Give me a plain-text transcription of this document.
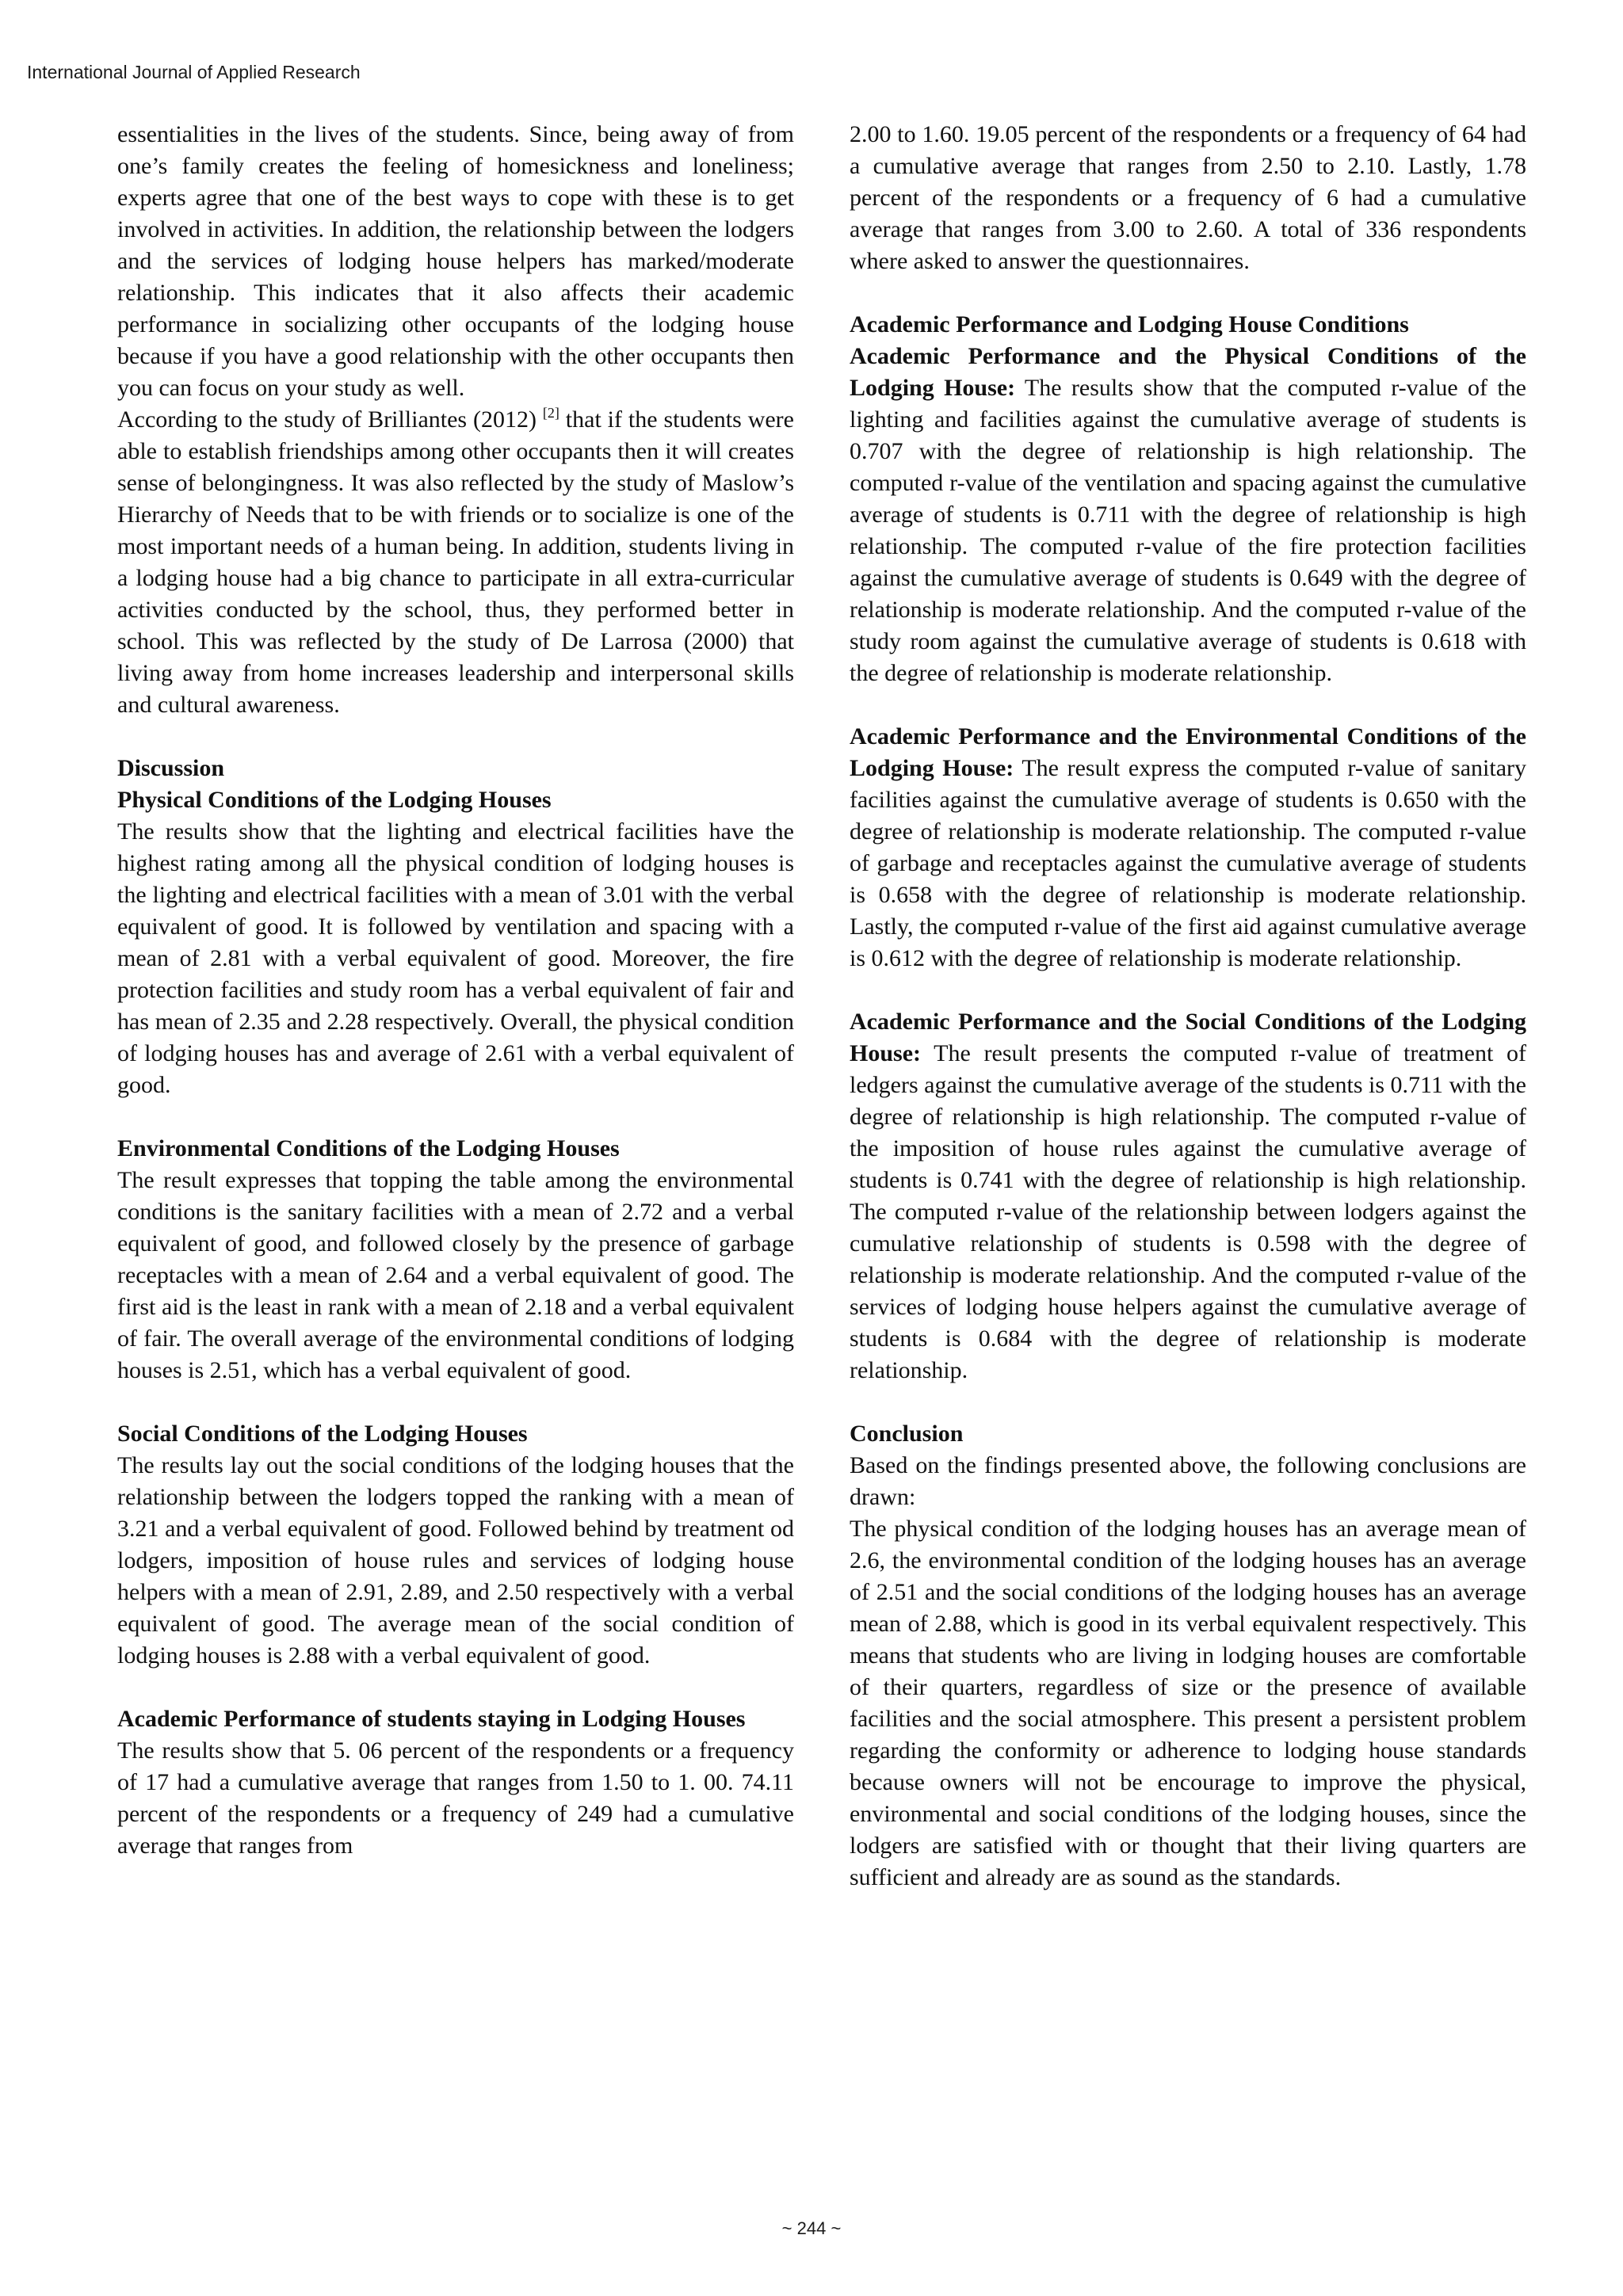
International Journal of Applied Research

essentialities in the lives of the students. Since, being away of from one’s family creates the feeling of homesickness and loneliness; experts agree that one of the best ways to cope with these is to get involved in activities. In addition, the relationship between the lodgers and the services of lodging house helpers has marked/moderate relationship. This indicates that it also affects their academic performance in socializing other occupants of the lodging house because if you have a good relationship with the other occupants then you can focus on your study as well.

According to the study of Brilliantes (2012) [2] that if the students were able to establish friendships among other occupants then it will creates sense of belongingness. It was also reflected by the study of Maslow’s Hierarchy of Needs that to be with friends or to socialize is one of the most important needs of a human being. In addition, students living in a lodging house had a big chance to participate in all extra-curricular activities conducted by the school, thus, they performed better in school. This was reflected by the study of De Larrosa (2000) that living away from home increases leadership and interpersonal skills and cultural awareness.

Discussion
Physical Conditions of the Lodging Houses

The results show that the lighting and electrical facilities have the highest rating among all the physical condition of lodging houses is the lighting and electrical facilities with a mean of 3.01 with the verbal equivalent of good. It is followed by ventilation and spacing with a mean of 2.81 with a verbal equivalent of good. Moreover, the fire protection facilities and study room has a verbal equivalent of fair and has mean of 2.35 and 2.28 respectively. Overall, the physical condition of lodging houses has and average of 2.61 with a verbal equivalent of good.

Environmental Conditions of the Lodging Houses

The result expresses that topping the table among the environmental conditions is the sanitary facilities with a mean of 2.72 and a verbal equivalent of good, and followed closely by the presence of garbage receptacles with a mean of 2.64 and a verbal equivalent of good. The first aid is the least in rank with a mean of 2.18 and a verbal equivalent of fair. The overall average of the environmental conditions of lodging houses is 2.51, which has a verbal equivalent of good.

Social Conditions of the Lodging Houses

The results lay out the social conditions of the lodging houses that the relationship between the lodgers topped the ranking with a mean of 3.21 and a verbal equivalent of good. Followed behind by treatment od lodgers, imposition of house rules and services of lodging house helpers with a mean of 2.91, 2.89, and 2.50 respectively with a verbal equivalent of good. The average mean of the social condition of lodging houses is 2.88 with a verbal equivalent of good.

Academic Performance of students staying in Lodging Houses

The results show that 5. 06 percent of the respondents or a frequency of 17 had a cumulative average that ranges from 1.50 to 1. 00. 74.11 percent of the respondents or a frequency of 249 had a cumulative average that ranges from

2.00 to 1.60. 19.05 percent of the respondents or a frequency of 64 had a cumulative average that ranges from 2.50 to 2.10. Lastly, 1.78 percent of the respondents or a frequency of 6 had a cumulative average that ranges from 3.00 to 2.60. A total of 336 respondents where asked to answer the questionnaires.

Academic Performance and Lodging House Conditions

Academic Performance and the Physical Conditions of the Lodging House: The results show that the computed r-value of the lighting and facilities against the cumulative average of students is 0.707 with the degree of relationship is high relationship. The computed r-value of the ventilation and spacing against the cumulative average of students is 0.711 with the degree of relationship is high relationship. The computed r-value of the fire protection facilities against the cumulative average of students is 0.649 with the degree of relationship is moderate relationship. And the computed r-value of the study room against the cumulative average of students is 0.618 with the degree of relationship is moderate relationship.

Academic Performance and the Environmental Conditions of the Lodging House: The result express the computed r-value of sanitary facilities against the cumulative average of students is 0.650 with the degree of relationship is moderate relationship. The computed r-value of garbage and receptacles against the cumulative average of students is 0.658 with the degree of relationship is moderate relationship. Lastly, the computed r-value of the first aid against cumulative average is 0.612 with the degree of relationship is moderate relationship.

Academic Performance and the Social Conditions of the Lodging House: The result presents the computed r-value of treatment of ledgers against the cumulative average of the students is 0.711 with the degree of relationship is high relationship. The computed r-value of the imposition of house rules against the cumulative average of students is 0.741 with the degree of relationship is high relationship. The computed r-value of the relationship between lodgers against the cumulative relationship of students is 0.598 with the degree of relationship is moderate relationship. And the computed r-value of the services of lodging house helpers against the cumulative average of students is 0.684 with the degree of relationship is moderate relationship.

Conclusion

Based on the findings presented above, the following conclusions are drawn:

The physical condition of the lodging houses has an average mean of 2.6, the environmental condition of the lodging houses has an average of 2.51 and the social conditions of the lodging houses has an average mean of 2.88, which is good in its verbal equivalent respectively. This means that students who are living in lodging houses are comfortable of their quarters, regardless of size or the presence of available facilities and the social atmosphere. This present a persistent problem regarding the conformity or adherence to lodging house standards because owners will not be encourage to improve the physical, environmental and social conditions of the lodging houses, since the lodgers are satisfied with or thought that their living quarters are sufficient and already are as sound as the standards.

~ 244 ~
